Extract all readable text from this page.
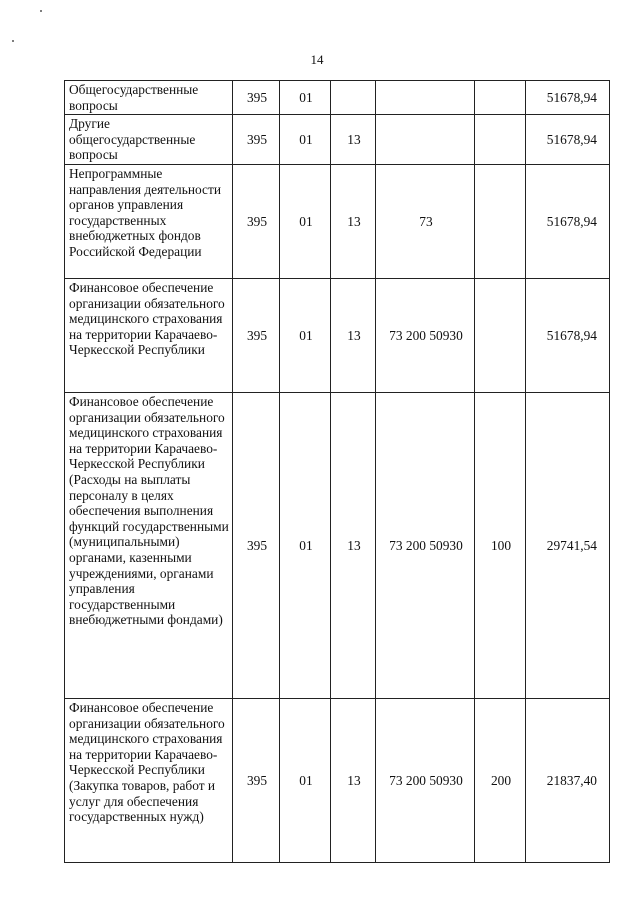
14
Общегосударственные вопросы	395	01				51678,94
Другие общегосударственные вопросы	395	01	13			51678,94
Непрограммные направления деятельности органов управления государственных внебюджетных фондов Российской Федерации	395	01	13	73		51678,94
Финансовое обеспечение организации обязательного медицинского страхования на территории Карачаево-Черкесской Республики	395	01	13	73 200 50930		51678,94
Финансовое обеспечение организации обязательного медицинского страхования на территории Карачаево-Черкесской Республики (Расходы на выплаты персоналу в целях обеспечения выполнения функций государственными (муниципальными) органами, казенными учреждениями, органами управления государственными внебюджетными фондами)	395	01	13	73 200 50930	100	29741,54
Финансовое обеспечение организации обязательного медицинского страхования на территории Карачаево-Черкесской Республики (Закупка товаров, работ и услуг для обеспечения государственных нужд)	395	01	13	73 200 50930	200	21837,40
